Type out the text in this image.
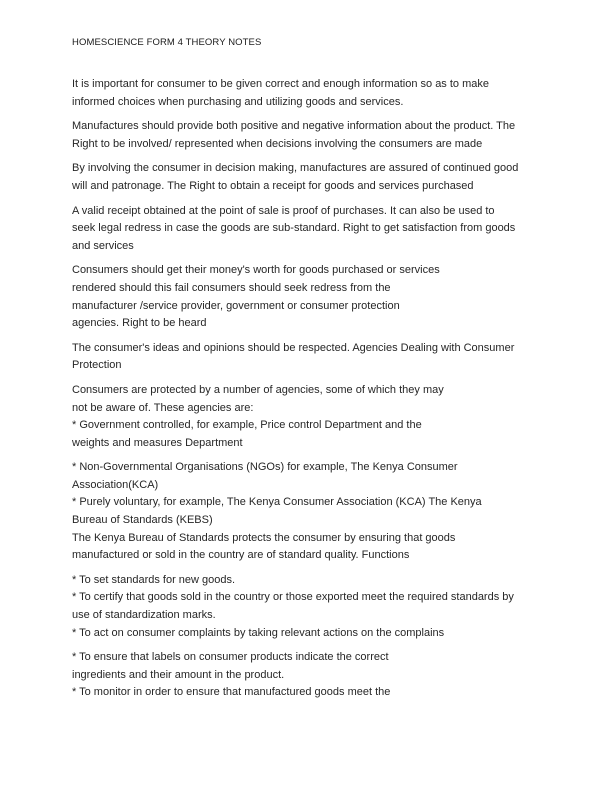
HOMESCIENCE FORM 4 THEORY NOTES

It is important for consumer to be given correct and enough information so as to make
informed choices when purchasing and utilizing goods and services.

Manufactures should provide both positive and negative information about the product. The
Right to be involved/ represented when decisions involving the consumers are made

By involving the consumer in decision making, manufactures are assured of continued good
will and patronage. The Right to obtain a receipt for goods and services purchased

A valid receipt obtained at the point of sale is proof of purchases. It can also be used to
seek legal redress in case the goods are sub-standard. Right to get satisfaction from goods
and services

Consumers should get their money's worth for goods purchased or services
rendered should this fail consumers should seek redress from the
manufacturer /service provider, government or consumer protection
agencies. Right to be heard

The consumer's ideas and opinions should be respected. Agencies Dealing with Consumer
Protection

Consumers are protected by a number of agencies, some of which they may
not be aware of. These agencies are:
* Government controlled, for example, Price control Department and the
weights and measures Department

* Non-Governmental Organisations (NGOs) for example, The Kenya Consumer
Association(KCA)
* Purely voluntary, for example, The Kenya Consumer Association (KCA) The Kenya
Bureau of Standards (KEBS)
The Kenya Bureau of Standards protects the consumer by ensuring that goods
manufactured or sold in the country are of standard quality. Functions

* To set standards for new goods.
* To certify that goods sold in the country or those exported meet the required standards by
use of standardization marks.
* To act on consumer complaints by taking relevant actions on the complains

* To ensure that labels on consumer products indicate the correct
ingredients and their amount in the product.
* To monitor in order to ensure that manufactured goods meet the
